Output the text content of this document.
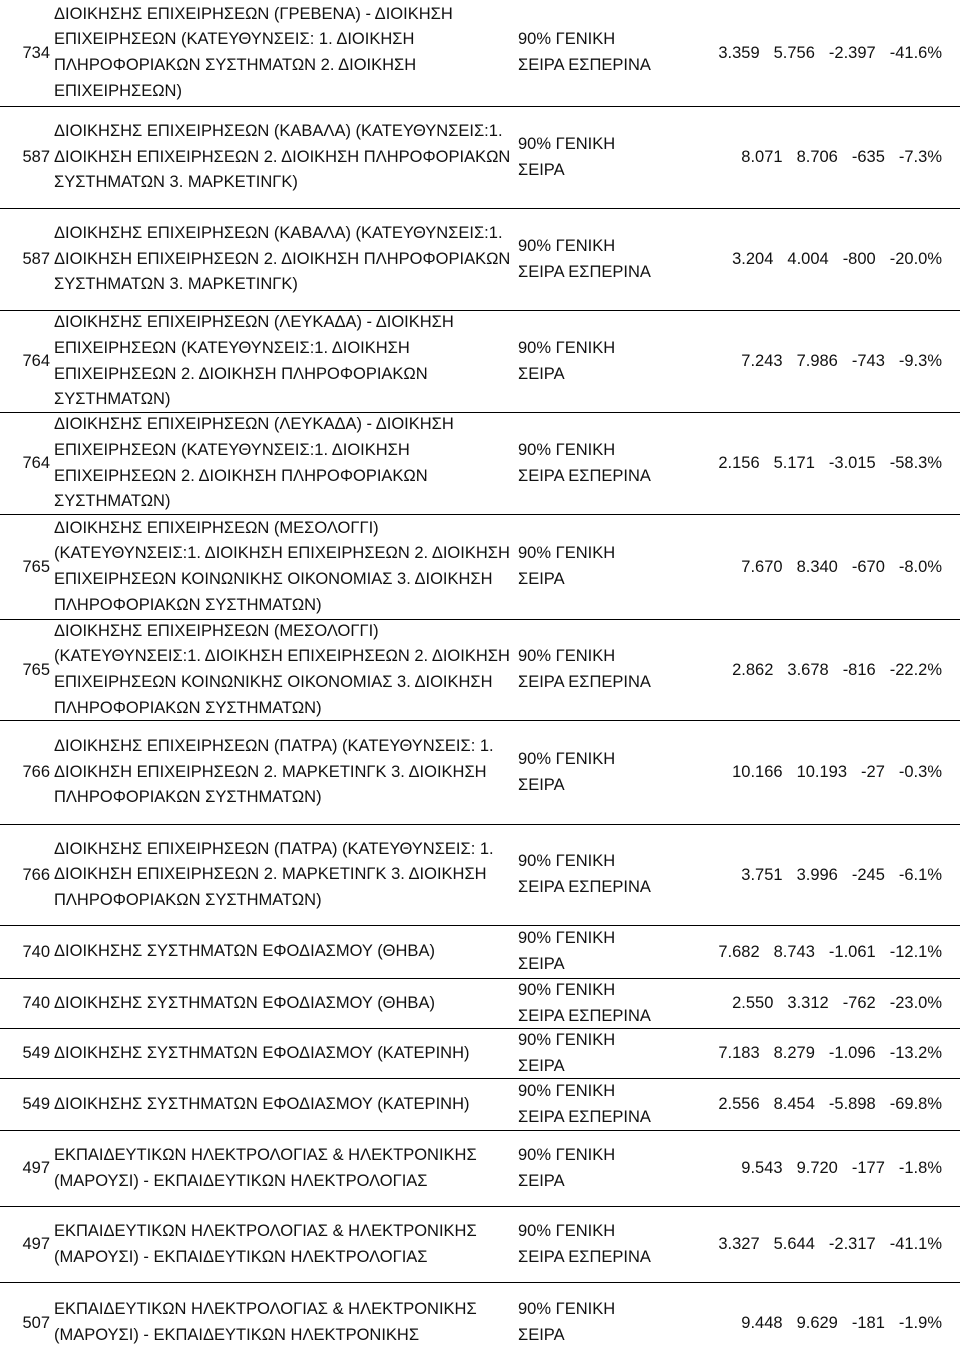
734
ΔΙΟΙΚΗΣΗΣ ΕΠΙΧΕΙΡΗΣΕΩΝ (ΓΡΕΒΕΝΑ) - ΔΙΟΙΚΗΣΗ
ΕΠΙΧΕΙΡΗΣΕΩΝ (ΚΑΤΕΥΘΥΝΣΕΙΣ: 1. ΔΙΟΙΚΗΣΗ
ΠΛΗΡΟΦΟΡΙΑΚΩΝ ΣΥΣΤΗΜΑΤΩΝ 2. ΔΙΟΙΚΗΣΗ
ΕΠΙΧΕΙΡΗΣΕΩΝ)
90% ΓΕΝΙΚΗ
ΣΕΙΡΑ ΕΣΠΕΡΙΝΑ
3.359 5.756 -2.397 -41.6%
587
ΔΙΟΙΚΗΣΗΣ ΕΠΙΧΕΙΡΗΣΕΩΝ (ΚΑΒΑΛΑ) (ΚΑΤΕΥΘΥΝΣΕΙΣ:1.
ΔΙΟΙΚΗΣΗ ΕΠΙΧΕΙΡΗΣΕΩΝ 2. ΔΙΟΙΚΗΣΗ ΠΛΗΡΟΦΟΡΙΑΚΩΝ
ΣΥΣΤΗΜΑΤΩΝ 3. ΜΑΡΚΕΤΙΝΓΚ)
90% ΓΕΝΙΚΗ
ΣΕΙΡΑ
8.071 8.706 -635 -7.3%
587
ΔΙΟΙΚΗΣΗΣ ΕΠΙΧΕΙΡΗΣΕΩΝ (ΚΑΒΑΛΑ) (ΚΑΤΕΥΘΥΝΣΕΙΣ:1.
ΔΙΟΙΚΗΣΗ ΕΠΙΧΕΙΡΗΣΕΩΝ 2. ΔΙΟΙΚΗΣΗ ΠΛΗΡΟΦΟΡΙΑΚΩΝ
ΣΥΣΤΗΜΑΤΩΝ 3. ΜΑΡΚΕΤΙΝΓΚ)
90% ΓΕΝΙΚΗ
ΣΕΙΡΑ ΕΣΠΕΡΙΝΑ
3.204 4.004 -800 -20.0%
764
ΔΙΟΙΚΗΣΗΣ ΕΠΙΧΕΙΡΗΣΕΩΝ (ΛΕΥΚΑΔΑ) - ΔΙΟΙΚΗΣΗ
ΕΠΙΧΕΙΡΗΣΕΩΝ (ΚΑΤΕΥΘΥΝΣΕΙΣ:1. ΔΙΟΙΚΗΣΗ
ΕΠΙΧΕΙΡΗΣΕΩΝ 2. ΔΙΟΙΚΗΣΗ ΠΛΗΡΟΦΟΡΙΑΚΩΝ
ΣΥΣΤΗΜΑΤΩΝ)
90% ΓΕΝΙΚΗ
ΣΕΙΡΑ
7.243 7.986 -743 -9.3%
764
ΔΙΟΙΚΗΣΗΣ ΕΠΙΧΕΙΡΗΣΕΩΝ (ΛΕΥΚΑΔΑ) - ΔΙΟΙΚΗΣΗ
ΕΠΙΧΕΙΡΗΣΕΩΝ (ΚΑΤΕΥΘΥΝΣΕΙΣ:1. ΔΙΟΙΚΗΣΗ
ΕΠΙΧΕΙΡΗΣΕΩΝ 2. ΔΙΟΙΚΗΣΗ ΠΛΗΡΟΦΟΡΙΑΚΩΝ
ΣΥΣΤΗΜΑΤΩΝ)
90% ΓΕΝΙΚΗ
ΣΕΙΡΑ ΕΣΠΕΡΙΝΑ
2.156 5.171 -3.015 -58.3%
765
ΔΙΟΙΚΗΣΗΣ ΕΠΙΧΕΙΡΗΣΕΩΝ (ΜΕΣΟΛΟΓΓΙ)
(ΚΑΤΕΥΘΥΝΣΕΙΣ:1. ΔΙΟΙΚΗΣΗ ΕΠΙΧΕΙΡΗΣΕΩΝ 2. ΔΙΟΙΚΗΣΗ
ΕΠΙΧΕΙΡΗΣΕΩΝ ΚΟΙΝΩΝΙΚΗΣ ΟΙΚΟΝΟΜΙΑΣ 3. ΔΙΟΙΚΗΣΗ
ΠΛΗΡΟΦΟΡΙΑΚΩΝ ΣΥΣΤΗΜΑΤΩΝ)
90% ΓΕΝΙΚΗ
ΣΕΙΡΑ
7.670 8.340 -670 -8.0%
765
ΔΙΟΙΚΗΣΗΣ ΕΠΙΧΕΙΡΗΣΕΩΝ (ΜΕΣΟΛΟΓΓΙ)
(ΚΑΤΕΥΘΥΝΣΕΙΣ:1. ΔΙΟΙΚΗΣΗ ΕΠΙΧΕΙΡΗΣΕΩΝ 2. ΔΙΟΙΚΗΣΗ
ΕΠΙΧΕΙΡΗΣΕΩΝ ΚΟΙΝΩΝΙΚΗΣ ΟΙΚΟΝΟΜΙΑΣ 3. ΔΙΟΙΚΗΣΗ
ΠΛΗΡΟΦΟΡΙΑΚΩΝ ΣΥΣΤΗΜΑΤΩΝ)
90% ΓΕΝΙΚΗ
ΣΕΙΡΑ ΕΣΠΕΡΙΝΑ
2.862 3.678 -816 -22.2%
766
ΔΙΟΙΚΗΣΗΣ ΕΠΙΧΕΙΡΗΣΕΩΝ (ΠΑΤΡΑ) (ΚΑΤΕΥΘΥΝΣΕΙΣ: 1.
ΔΙΟΙΚΗΣΗ ΕΠΙΧΕΙΡΗΣΕΩΝ 2. ΜΑΡΚΕΤΙΝΓΚ 3. ΔΙΟΙΚΗΣΗ
ΠΛΗΡΟΦΟΡΙΑΚΩΝ ΣΥΣΤΗΜΑΤΩΝ)
90% ΓΕΝΙΚΗ
ΣΕΙΡΑ
10.166 10.193 -27 -0.3%
766
ΔΙΟΙΚΗΣΗΣ ΕΠΙΧΕΙΡΗΣΕΩΝ (ΠΑΤΡΑ) (ΚΑΤΕΥΘΥΝΣΕΙΣ: 1.
ΔΙΟΙΚΗΣΗ ΕΠΙΧΕΙΡΗΣΕΩΝ 2. ΜΑΡΚΕΤΙΝΓΚ 3. ΔΙΟΙΚΗΣΗ
ΠΛΗΡΟΦΟΡΙΑΚΩΝ ΣΥΣΤΗΜΑΤΩΝ)
90% ΓΕΝΙΚΗ
ΣΕΙΡΑ ΕΣΠΕΡΙΝΑ
3.751 3.996 -245 -6.1%
740 ΔΙΟΙΚΗΣΗΣ ΣΥΣΤΗΜΑΤΩΝ ΕΦΟΔΙΑΣΜΟΥ (ΘΗΒΑ)
90% ΓΕΝΙΚΗ
ΣΕΙΡΑ
7.682 8.743 -1.061 -12.1%
740 ΔΙΟΙΚΗΣΗΣ ΣΥΣΤΗΜΑΤΩΝ ΕΦΟΔΙΑΣΜΟΥ (ΘΗΒΑ)
90% ΓΕΝΙΚΗ
ΣΕΙΡΑ ΕΣΠΕΡΙΝΑ
2.550 3.312 -762 -23.0%
549 ΔΙΟΙΚΗΣΗΣ ΣΥΣΤΗΜΑΤΩΝ ΕΦΟΔΙΑΣΜΟΥ (ΚΑΤΕΡΙΝΗ)
90% ΓΕΝΙΚΗ
ΣΕΙΡΑ
7.183 8.279 -1.096 -13.2%
549 ΔΙΟΙΚΗΣΗΣ ΣΥΣΤΗΜΑΤΩΝ ΕΦΟΔΙΑΣΜΟΥ (ΚΑΤΕΡΙΝΗ)
90% ΓΕΝΙΚΗ
ΣΕΙΡΑ ΕΣΠΕΡΙΝΑ
2.556 8.454 -5.898 -69.8%
497
ΕΚΠΑΙΔΕΥΤΙΚΩΝ ΗΛΕΚΤΡΟΛΟΓΙΑΣ & ΗΛΕΚΤΡΟΝΙΚΗΣ
(ΜΑΡΟΥΣΙ) - ΕΚΠΑΙΔΕΥΤΙΚΩΝ ΗΛΕΚΤΡΟΛΟΓΙΑΣ
90% ΓΕΝΙΚΗ
ΣΕΙΡΑ
9.543 9.720 -177 -1.8%
497
ΕΚΠΑΙΔΕΥΤΙΚΩΝ ΗΛΕΚΤΡΟΛΟΓΙΑΣ & ΗΛΕΚΤΡΟΝΙΚΗΣ
(ΜΑΡΟΥΣΙ) - ΕΚΠΑΙΔΕΥΤΙΚΩΝ ΗΛΕΚΤΡΟΛΟΓΙΑΣ
90% ΓΕΝΙΚΗ
ΣΕΙΡΑ ΕΣΠΕΡΙΝΑ
3.327 5.644 -2.317 -41.1%
507
ΕΚΠΑΙΔΕΥΤΙΚΩΝ ΗΛΕΚΤΡΟΛΟΓΙΑΣ & ΗΛΕΚΤΡΟΝΙΚΗΣ
(ΜΑΡΟΥΣΙ) - ΕΚΠΑΙΔΕΥΤΙΚΩΝ ΗΛΕΚΤΡΟΝΙΚΗΣ
90% ΓΕΝΙΚΗ
ΣΕΙΡΑ
9.448 9.629 -181 -1.9%
